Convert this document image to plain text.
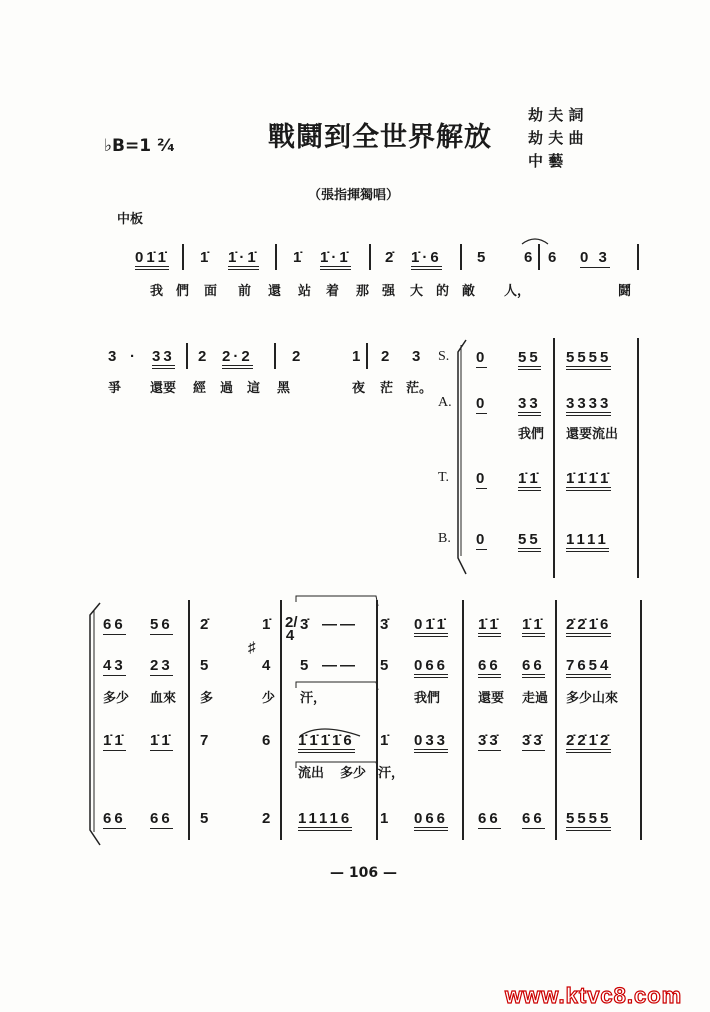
♭B=1 ²⁄₄	戰鬪到全世界解放
劫 夫 詞
劫 夫 曲
中 藝
（張指揮獨唱）
中板
— 106 —
www.ktvc8.com
01̇1̇ 1̇ 1̇·1̇ 1̇ 1̇·1̇ 2̇ 1̇·6 5 6 6 0 3
我 們 面 前 還 站 着 那 强 大 的 敵 人，	鬪
3 · 33 2 2·2	2	1 2 3
爭 還要 經 過 這 黑	夜 茫 茫。
S.
A.
T.
B.
0 55 5555
0 33 3333
0 1̇1̇ 1̇1̇1̇1̇
0 55 1111
我們 還要流出
66 56 2̇	1̇ 3̇ —— 3̇ 01̇1̇ 1̇1̇ 1̇1̇ 2̇2̇1̇6
43 23 5	4 5 —— 5 066 66 66 7654
多少 血來 多	少 汗，	我們	還要 走過 多少山來
1̇1̇ 1̇1̇ 7	6 1̇1̇1̇1̇6 1̇ 033 3̇3̇ 3̇3̇ 2̇2̇1̇2̇
流出 多少 汗，
66 66 5	2 11116 1 066 66 66 5555
2/4
♯
